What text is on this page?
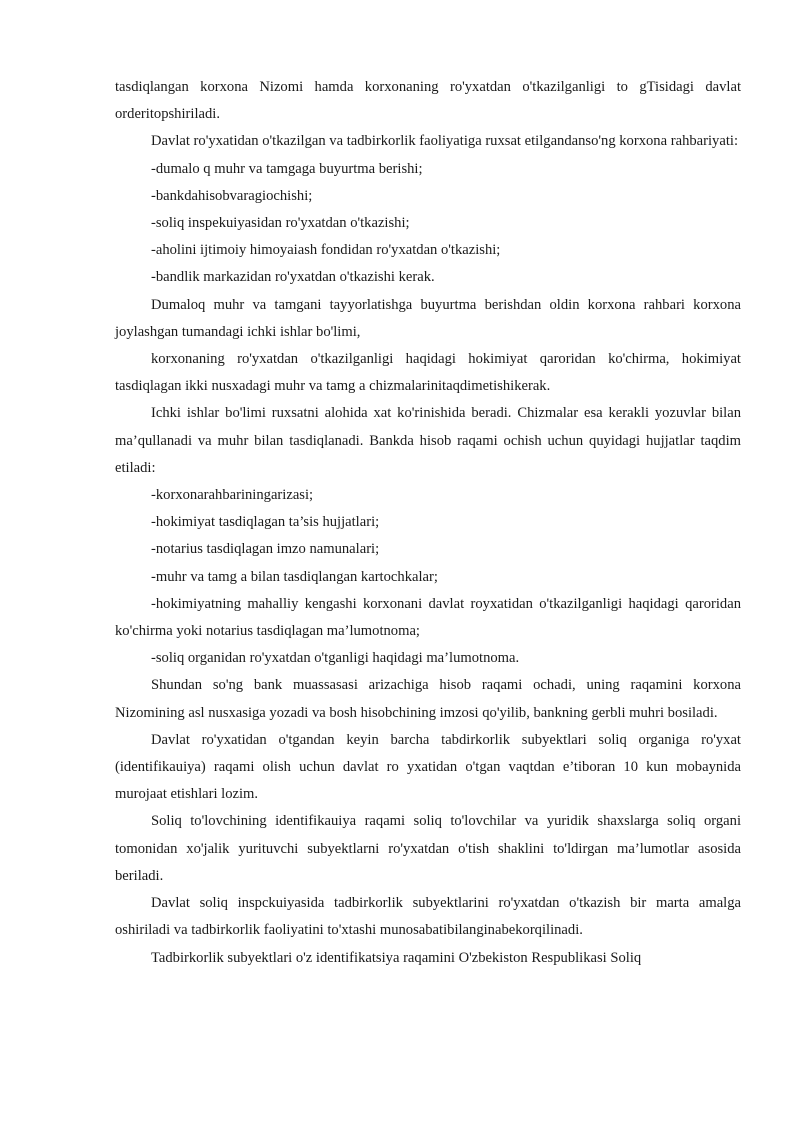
tasdiqlangan korxona Nizomi hamda korxonaning ro'yxatdan o'tkazilganligi to gTisidagi davlat orderitopshiriladi.

Davlat ro'yxatidan o'tkazilgan va tadbirkorlik faoliyatiga ruxsat etilgandanso'ng korxona rahbariyati:

-dumalo q muhr va tamgaga buyurtma berishi;

-bankdahisobvaragiochishi;

-soliq inspekuiyasidan ro'yxatdan o'tkazishi;

-aholini ijtimoiy himoyaiash fondidan ro'yxatdan o'tkazishi;

-bandlik markazidan ro'yxatdan o'tkazishi kerak.

Dumaloq muhr va tamgani tayyorlatishga buyurtma berishdan oldin korxona rahbari korxona joylashgan tumandagi ichki ishlar bo'limi,

korxonaning ro'yxatdan o'tkazilganligi haqidagi hokimiyat qaroridan ko'chirma, hokimiyat tasdiqlagan ikki nusxadagi muhr va tamg a chizmalarinitaqdimetishikerak.

Ichki ishlar bo'limi ruxsatni alohida xat ko'rinishida beradi. Chizmalar esa kerakli yozuvlar bilan ma’qullanadi va muhr bilan tasdiqlanadi. Bankda hisob raqami ochish uchun quyidagi hujjatlar taqdim etiladi:

-korxonarahbariningarizasi;

-hokimiyat tasdiqlagan ta’sis hujjatlari;

-notarius tasdiqlagan imzo namunalari;

-muhr va tamg a bilan tasdiqlangan kartochkalar;

-hokimiyatning mahalliy kengashi korxonani davlat royxatidan o'tkazilganligi haqidagi qaroridan ko'chirma yoki notarius tasdiqlagan ma’lumotnoma;

-soliq organidan ro'yxatdan o'tganligi haqidagi ma’lumotnoma.

Shundan so'ng bank muassasasi arizachiga hisob raqami ochadi, uning raqamini korxona Nizomining asl nusxasiga yozadi va bosh hisobchining imzosi qo'yilib, bankning gerbli muhri bosiladi.

Davlat ro'yxatidan o'tgandan keyin barcha tabdirkorlik subyektlari soliq organiga ro'yxat (identifikauiya) raqami olish uchun davlat ro yxatidan o'tgan vaqtdan e’tiboran 10 kun mobaynida murojaat etishlari lozim.

Soliq to'lovchining identifikauiya raqami soliq to'lovchilar va yuridik shaxslarga soliq organi tomonidan xo'jalik yurituvchi subyektlarni ro'yxatdan o'tish shaklini to'ldirgan ma’lumotlar asosida beriladi.

Davlat soliq inspckuiyasida tadbirkorlik subyektlarini ro'yxatdan o'tkazish bir marta amalga oshiriladi va tadbirkorlik faoliyatini to'xtashi munosabatibilanginabekorqilinadi.

Tadbirkorlik subyektlari o'z identifikatsiya raqamini O'zbekiston Respublikasi Soliq
